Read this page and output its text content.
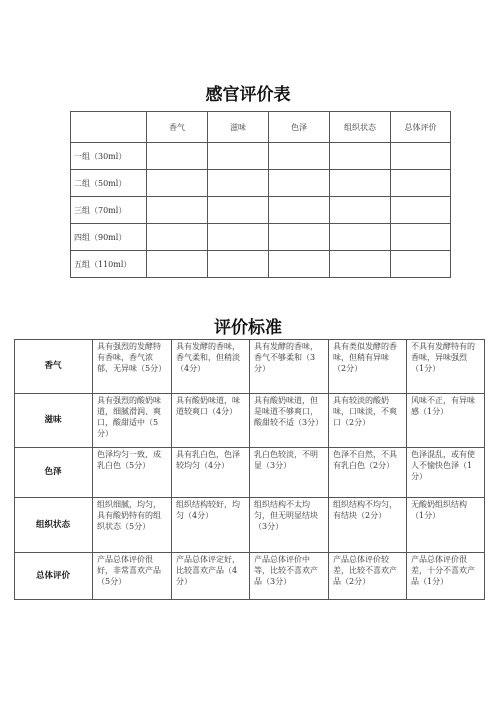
感官评价表
	香气	滋味	色泽	组织状态	总体评价
一组（30ml）					
二组（50ml）					
三组（70ml）					
四组（90ml）					
五组（110ml）					
评价标准
香气	具有强烈的发酵特有香味，香气浓郁，无异味（5分）	具有发酵的香味，香气柔和，但稍淡（4分）	具有发酵的香味，香气不够柔和（3分）	具有类似发酵的香味，但稍有异味（2分）	不具有发酵特有的香味，异味强烈（1分）
滋味	具有强烈的酸奶味道，细腻滑润、爽口，酸甜适中（5分）	具有酸奶味道，味道较爽口（4分）	具有酸奶味道，但是味道不够爽口，酸甜较不适（3分）	具有较淡的酸奶味，口味淡，不爽口（2分）	风味不正，有异味感（1分）
色泽	色泽均匀一致，成乳白色（5分）	具有乳白色，色泽较均匀（4分）	乳白色较淡，不明显（3分）	色泽不自然，不具有乳白色（2分）	色泽混乱，或有使人不愉快色泽（1分）
组织状态	组织细腻，均匀，具有酸奶特有的组织状态（5分）	组织结构较好，均匀（4分）	组织结构不太均匀，但无明显结块（3分）	组织结构不均匀，有结块（2分）	无酸奶组织结构（1分）
总体评价	产品总体评价很好，非常喜欢产品（5分）	产品总体评定好，比较喜欢产品（4分）	产品总体评价中等，比较不喜欢产品（3分）	产品总体评价较差，比较不喜欢产品（2分）	产品总体评价很差，十分不喜欢产品（1分）
